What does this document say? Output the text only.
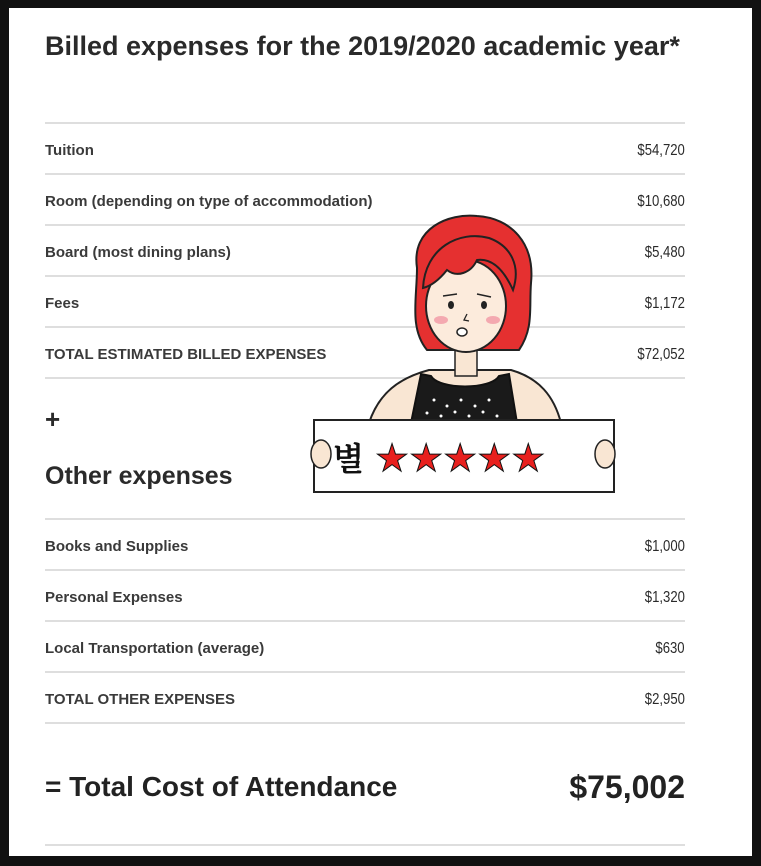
Billed expenses for the 2019/2020 academic year*
Tuition	$54,720
Room (depending on type of accommodation)	$10,680
Board (most dining plans)	$5,480
Fees	$1,172
TOTAL ESTIMATED BILLED EXPENSES	$72,052
+
Other expenses
Books and Supplies	$1,000
Personal Expenses	$1,320
Local Transportation (average)	$630
TOTAL OTHER EXPENSES	$2,950
= Total Cost of Attendance	$75,002
별 ★★★★★
